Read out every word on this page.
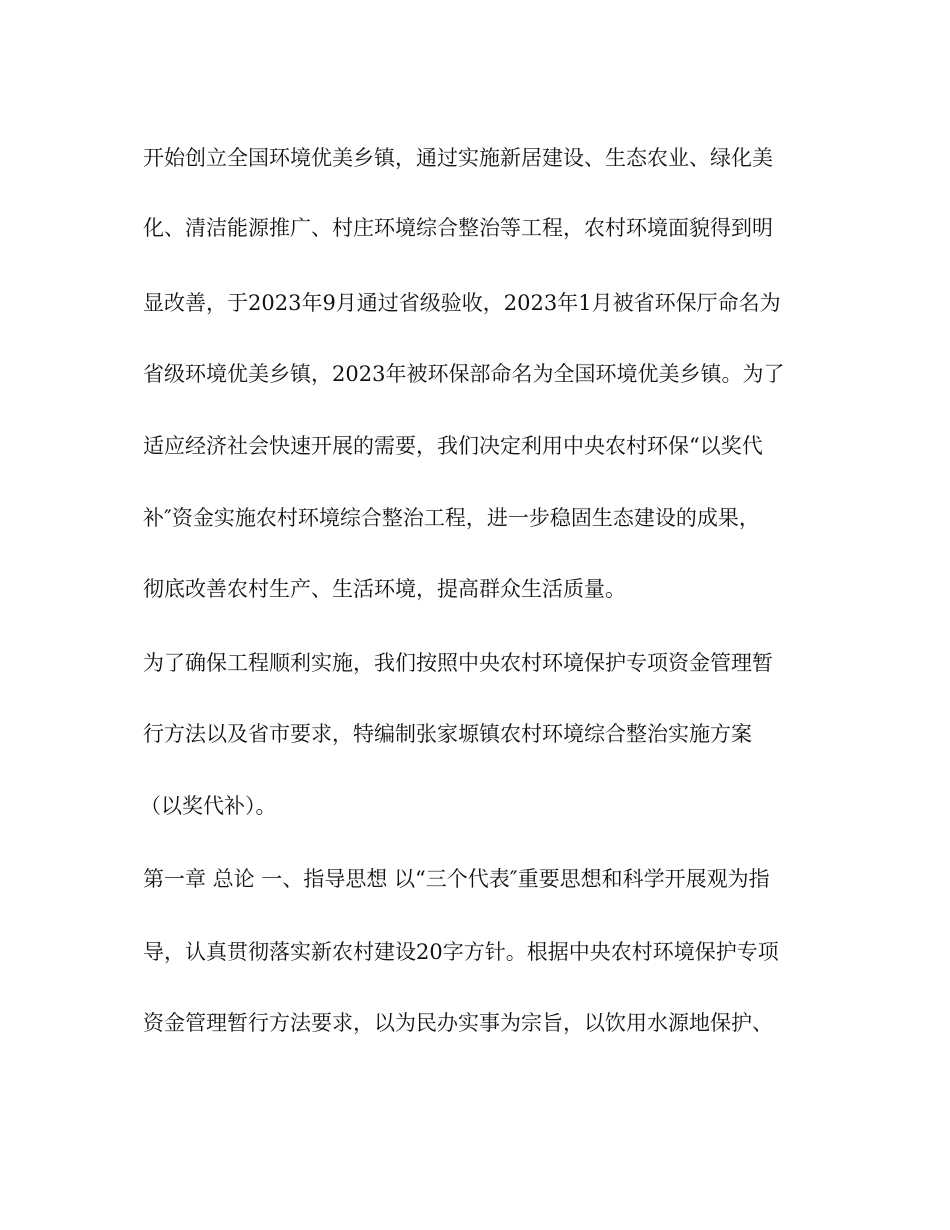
开始创立全国环境优美乡镇，通过实施新居建设、生态农业、绿化美
化、清洁能源推广、村庄环境综合整治等工程，农村环境面貌得到明
显改善，于2023年9月通过省级验收，2023年1月被省环保厅命名为
省级环境优美乡镇，2023年被环保部命名为全国环境优美乡镇。为了
适应经济社会快速开展的需要，我们决定利用中央农村环保“以奖代
补″资金实施农村环境综合整治工程，进一步稳固生态建设的成果，
彻底改善农村生产、生活环境，提高群众生活质量。
为了确保工程顺利实施，我们按照中央农村环境保护专项资金管理暂
行方法以及省市要求，特编制张家塬镇农村环境综合整治实施方案
（以奖代补）。
第一章 总论 一、指导思想 以“三个代表″重要思想和科学开展观为指
导，认真贯彻落实新农村建设20字方针。根据中央农村环境保护专项
资金管理暂行方法要求，以为民办实事为宗旨，以饮用水源地保护、
